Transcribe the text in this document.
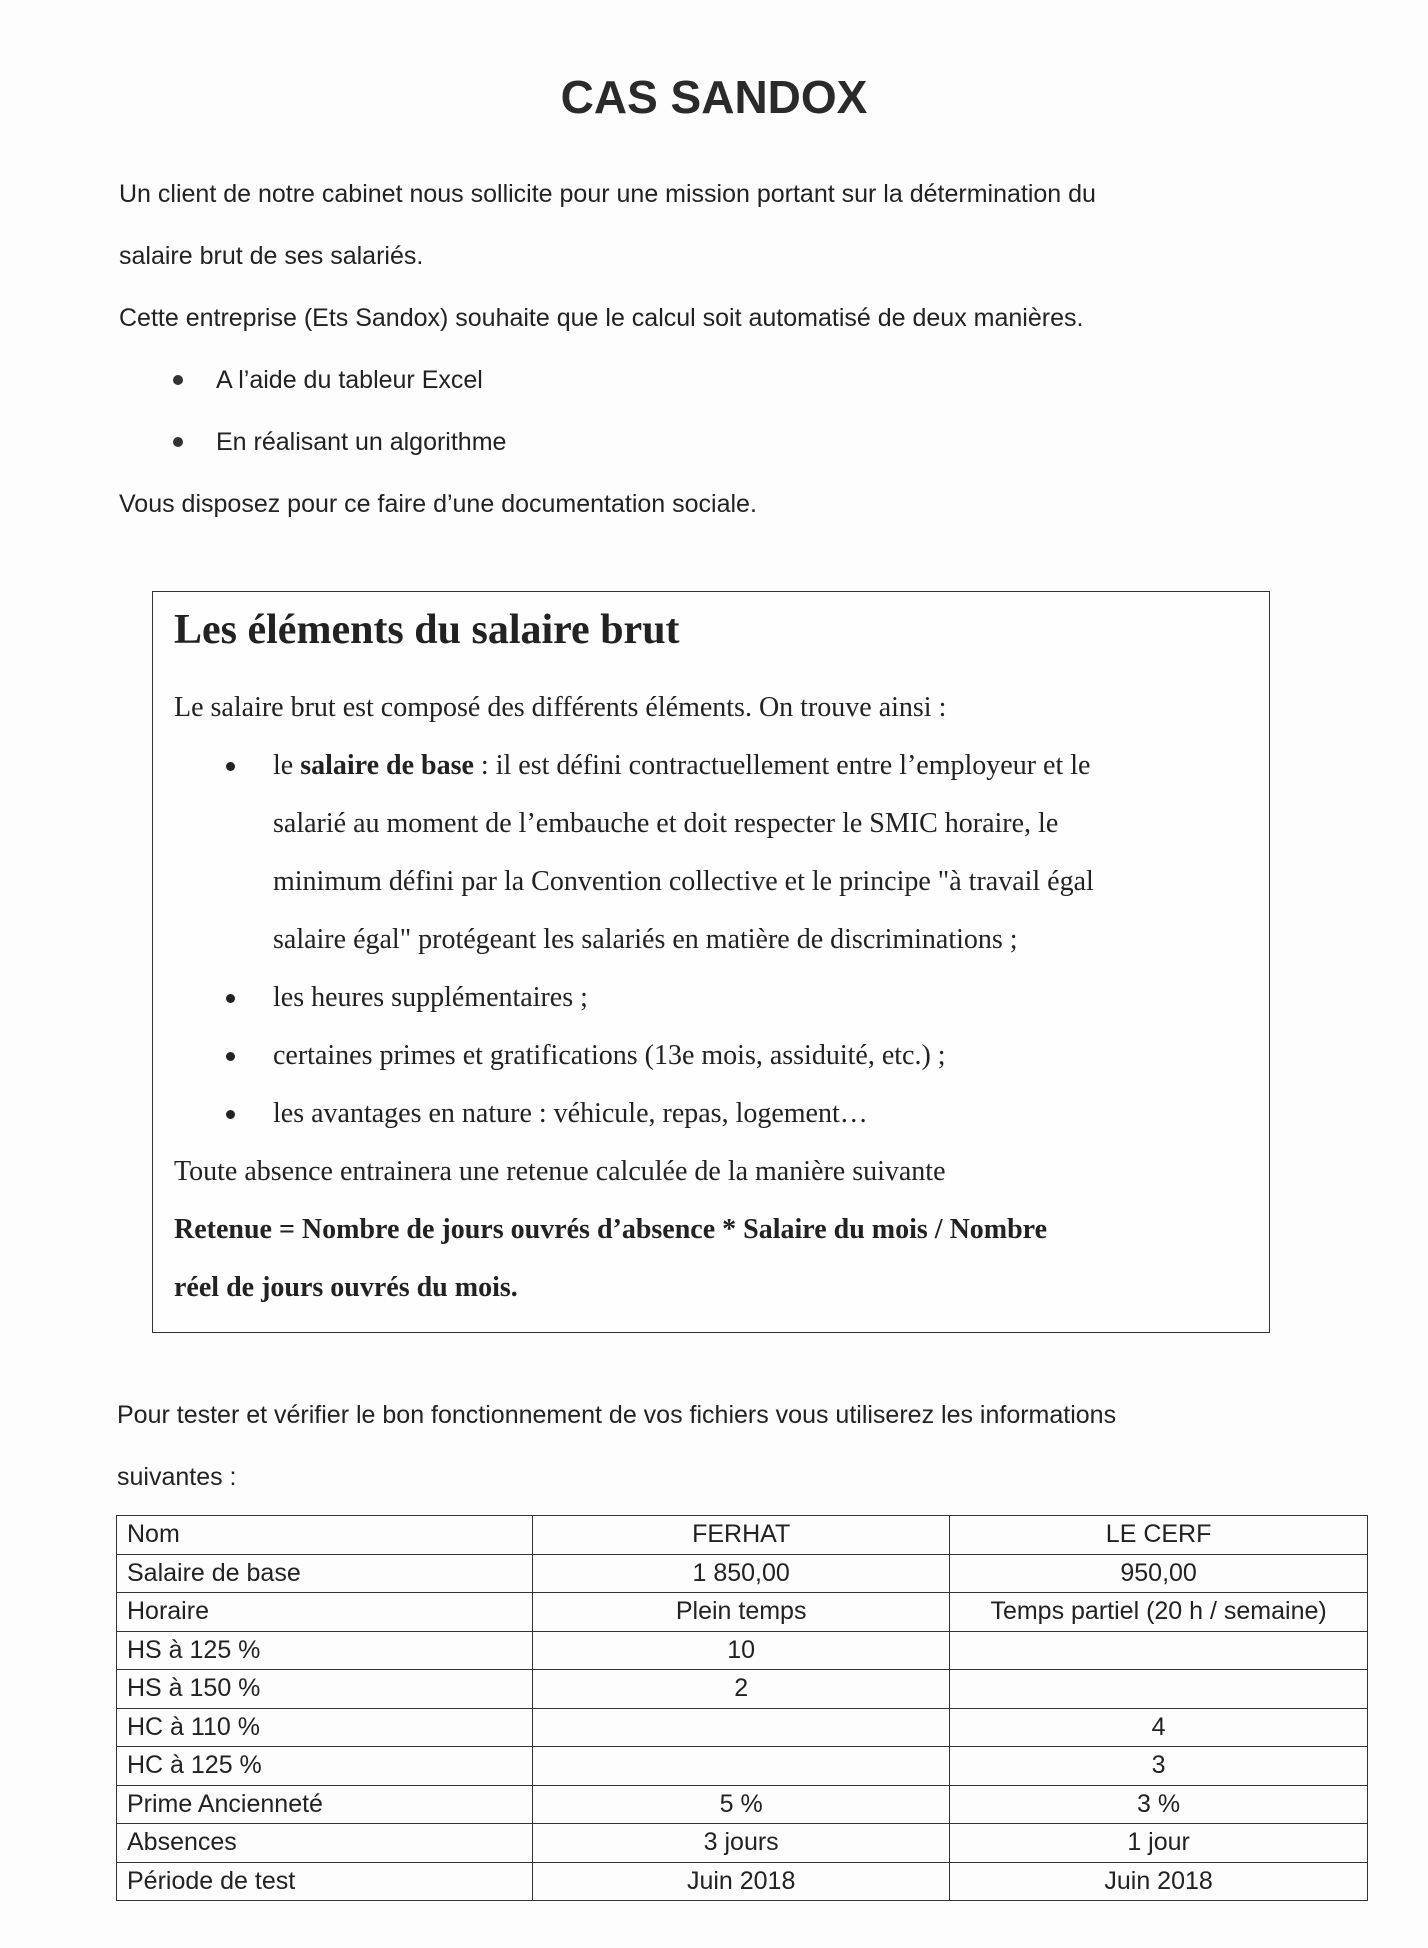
CAS SANDOX
Un client de notre cabinet nous sollicite pour une mission portant sur la détermination du
salaire brut de ses salariés.
Cette entreprise (Ets Sandox) souhaite que le calcul soit automatisé de deux manières.
A l’aide du tableur Excel
En réalisant un algorithme
Vous disposez pour ce faire d’une documentation sociale.
Les éléments du salaire brut
Le salaire brut est composé des différents éléments. On trouve ainsi :
le salaire de base : il est défini contractuellement entre l’employeur et le
salarié au moment de l’embauche et doit respecter le SMIC horaire, le
minimum défini par la Convention collective et le principe "à travail égal
salaire égal" protégeant les salariés en matière de discriminations ;
les heures supplémentaires ;
certaines primes et gratifications (13e mois, assiduité, etc.) ;
les avantages en nature : véhicule, repas, logement…
Toute absence entrainera une retenue calculée de la manière suivante
Retenue = Nombre de jours ouvrés d’absence * Salaire du mois / Nombre
réel de jours ouvrés du mois.
Pour tester et vérifier le bon fonctionnement de vos fichiers vous utiliserez les informations
suivantes :
Nom	FERHAT	LE CERF
Salaire de base	1 850,00	950,00
Horaire	Plein temps	Temps partiel (20 h / semaine)
HS à 125 %	10	
HS à 150 %	2	
HC à 110 %		4
HC à 125 %		3
Prime Ancienneté	5 %	3 %
Absences	3 jours	1 jour
Période de test	Juin 2018	Juin 2018
